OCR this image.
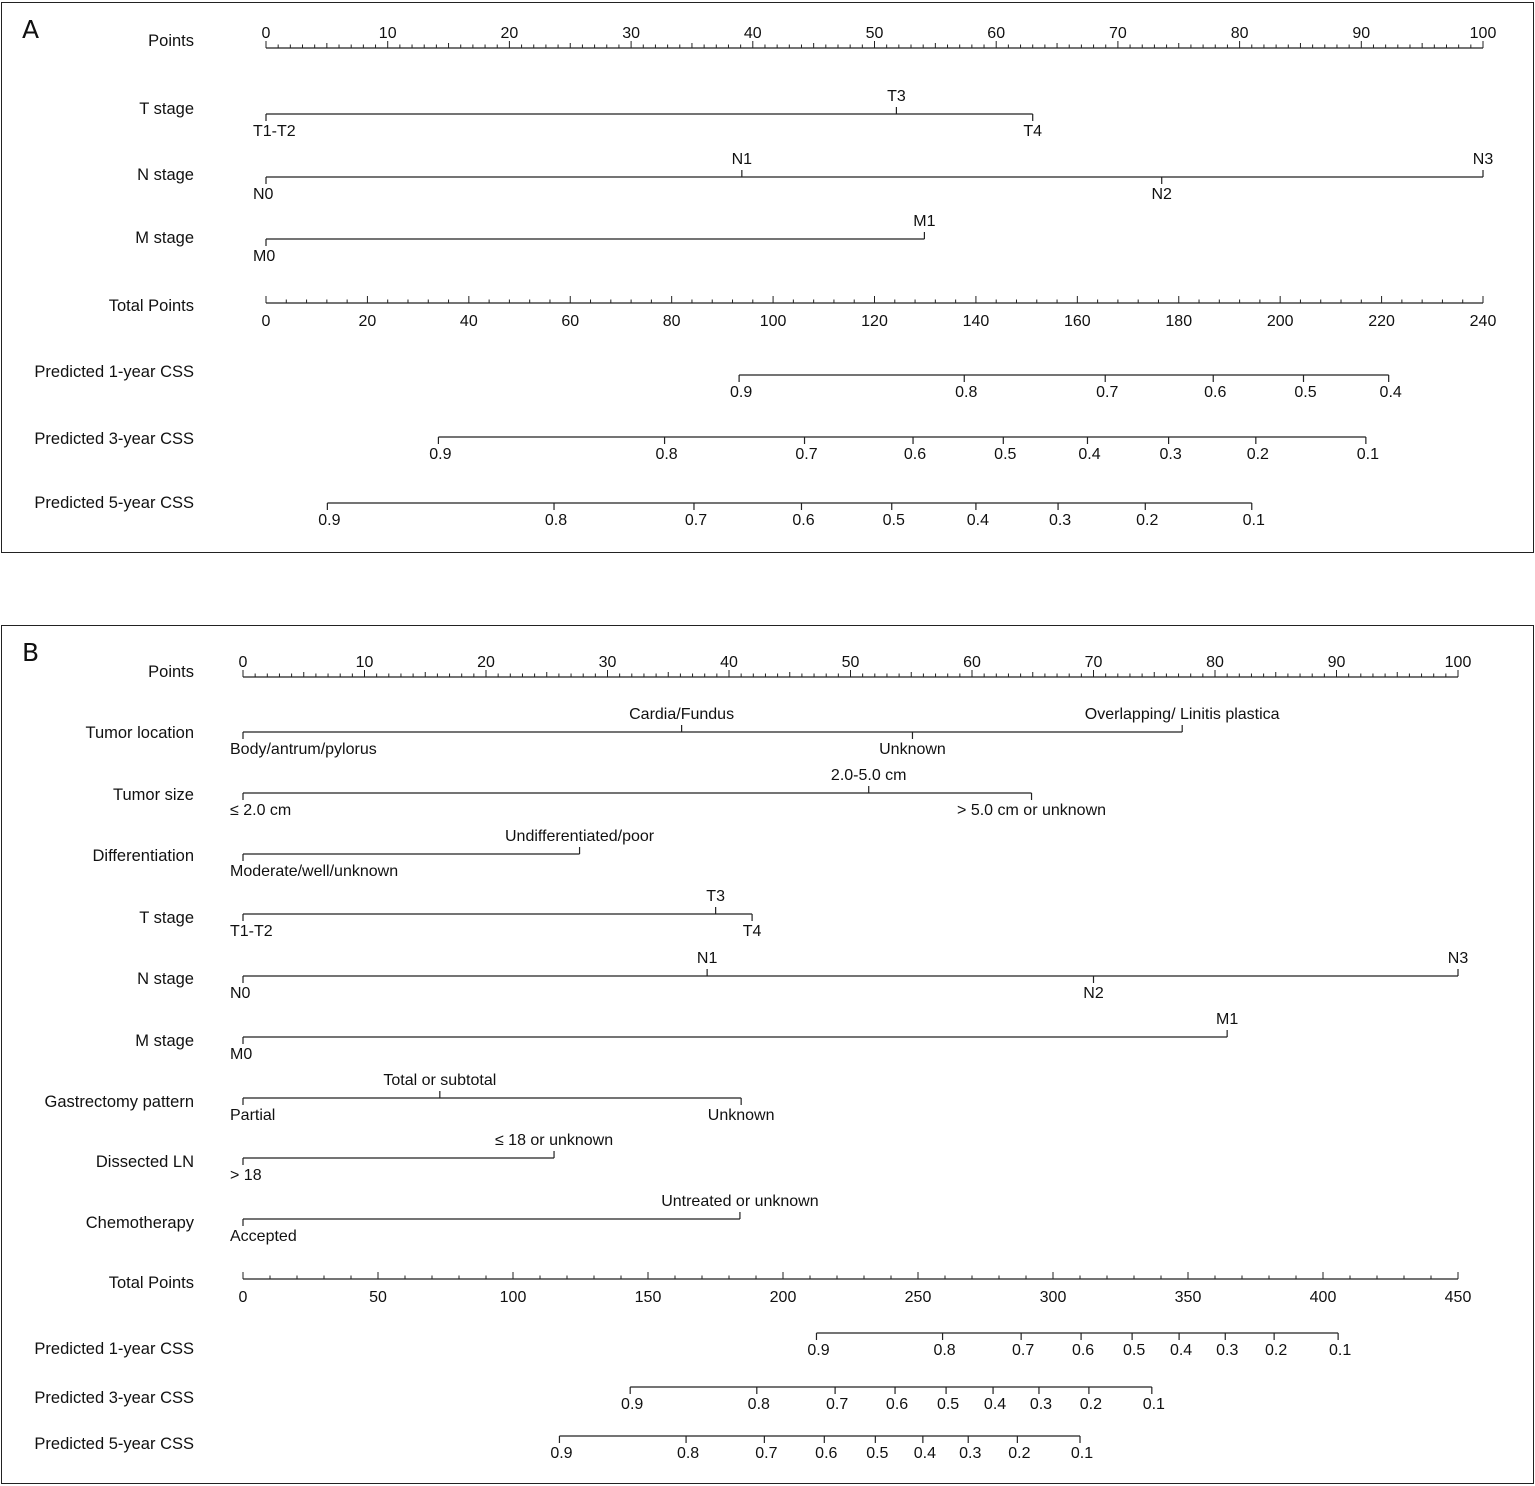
A
B
Points	0	10	20	30	40	50	60	70	80	90	100
T stage
T1-T2
T3
T4
N stage
N0
N1
N2
N3
M stage
M0
M1
Total Points
0	20	40	60	80	100	120	140	160	180	200	220	240
Predicted 1-year CSS
0.9	0.8	0.7	0.6	0.5	0.4
Predicted 3-year CSS
0.9	0.8	0.7	0.6	0.5	0.4	0.3	0.2	0.1
Predicted 5-year CSS
0.9	0.8	0.7	0.6	0.5	0.4	0.3	0.2	0.1
Points
0	10	20	30	40	50	60	70	80	90	100
Tumor location
Body/antrum/pylorus
Cardia/Fundus
Unknown
Overlapping/ Linitis plastica
Tumor size
≤ 2.0 cm
2.0-5.0 cm
> 5.0 cm or unknown
Differentiation
Moderate/well/unknown
Undifferentiated/poor
T stage
T1-T2
T3
T4
N stage
N0
N1
N2
N3
M stage
M0
M1
Gastrectomy pattern
Partial
Total or subtotal
Unknown
Dissected LN
> 18
≤ 18 or unknown
Chemotherapy
Accepted
Untreated or unknown
Total Points
0	50	100	150	200	250	300	350	400	450
Predicted 1-year CSS	0.9	0.8	0.7 0.6 0.5 0.4 0.3 0.2	0.1
Predicted 3-year CSS	0.9	0.8	0.7 0.6 0.5 0.4 0.3 0.2	0.1
Predicted 5-year CSS
0.9	0.8	0.7 0.6 0.5 0.4 0.3 0.2	0.1
